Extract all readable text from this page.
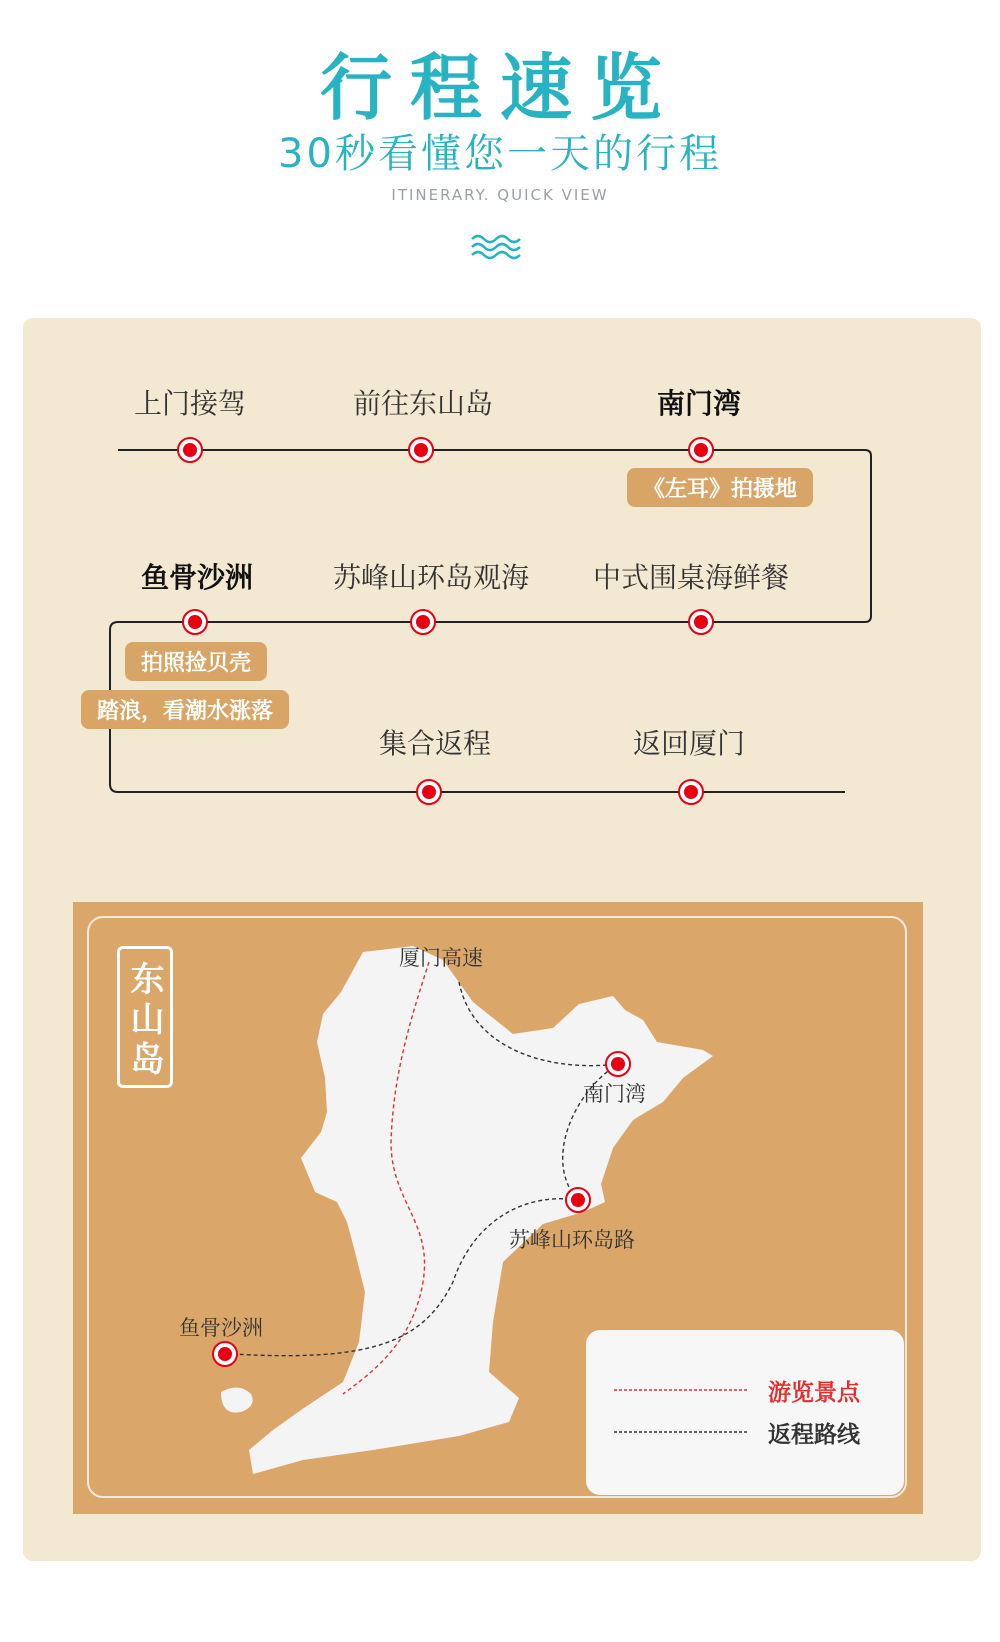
行程速览
30秒看懂您一天的行程
ITINERARY. QUICK VIEW
上门接驾	前往东山岛	南门湾
《左耳》拍摄地
鱼骨沙洲	苏峰山环岛观海 中式围桌海鲜餐
拍照捡贝壳
踏浪，看潮水涨落
集合返程	返回厦门
东山岛
厦门高速
南门湾
苏峰山环岛路
鱼骨沙洲
游览景点
返程路线
